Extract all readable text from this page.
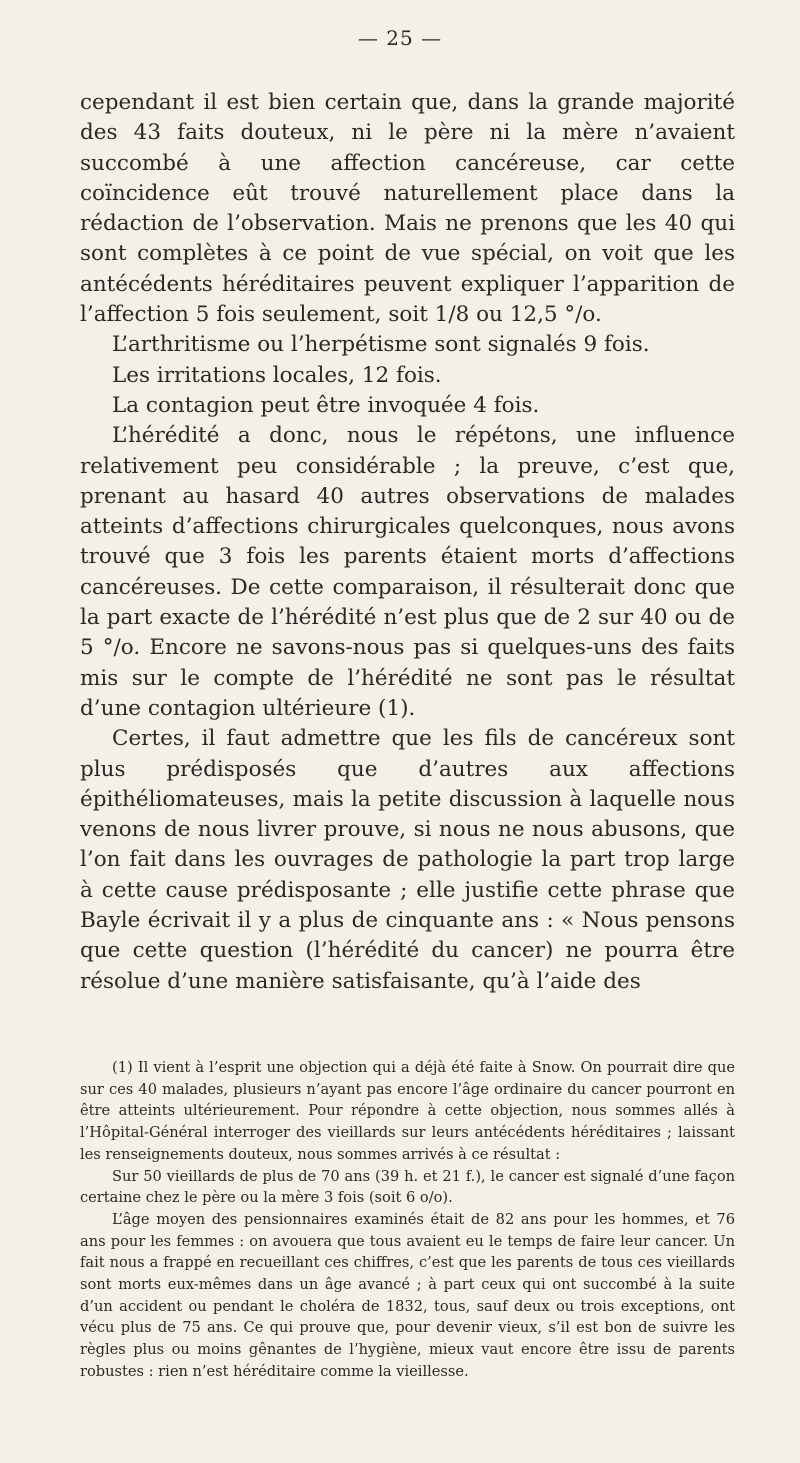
— 25 —

cependant il est bien certain que, dans la grande majorité des 43 faits douteux, ni le père ni la mère n’avaient succombé à une affection cancéreuse, car cette coïncidence eût trouvé naturellement place dans la rédaction de l’observation. Mais ne prenons que les 40 qui sont complètes à ce point de vue spécial, on voit que les antécédents héréditaires peuvent expliquer l’apparition de l’affection 5 fois seulement, soit 1/8 ou 12,5 °/o.

L’arthritisme ou l’herpétisme sont signalés 9 fois.

Les irritations locales, 12 fois.

La contagion peut être invoquée 4 fois.

L’hérédité a donc, nous le répétons, une influence relativement peu considérable ; la preuve, c’est que, prenant au hasard 40 autres observations de malades atteints d’affections chirurgicales quelconques, nous avons trouvé que 3 fois les parents étaient morts d’affections cancéreuses. De cette comparaison, il résulterait donc que la part exacte de l’hérédité n’est plus que de 2 sur 40 ou de 5 °/o. Encore ne savons-nous pas si quelques-uns des faits mis sur le compte de l’hérédité ne sont pas le résultat d’une contagion ultérieure (1).

Certes, il faut admettre que les fils de cancéreux sont plus prédisposés que d’autres aux affections épithéliomateuses, mais la petite discussion à laquelle nous venons de nous livrer prouve, si nous ne nous abusons, que l’on fait dans les ouvrages de pathologie la part trop large à cette cause prédisposante ; elle justifie cette phrase que Bayle écrivait il y a plus de cinquante ans : « Nous pensons que cette question (l’hérédité du cancer) ne pourra être résolue d’une manière satisfaisante, qu’à l’aide des

(1) Il vient à l’esprit une objection qui a déjà été faite à Snow. On pourrait dire que sur ces 40 malades, plusieurs n’ayant pas encore l’âge ordinaire du cancer pourront en être atteints ultérieurement. Pour répondre à cette objection, nous sommes allés à l’Hôpital-Général interroger des vieillards sur leurs antécédents héréditaires ; laissant les renseignements douteux, nous sommes arrivés à ce résultat :

Sur 50 vieillards de plus de 70 ans (39 h. et 21 f.), le cancer est signalé d’une façon certaine chez le père ou la mère 3 fois (soit 6 o/o).

L’âge moyen des pensionnaires examinés était de 82 ans pour les hommes, et 76 ans pour les femmes : on avouera que tous avaient eu le temps de faire leur cancer. Un fait nous a frappé en recueillant ces chiffres, c’est que les parents de tous ces vieillards sont morts eux-mêmes dans un âge avancé ; à part ceux qui ont succombé à la suite d’un accident ou pendant le choléra de 1832, tous, sauf deux ou trois exceptions, ont vécu plus de 75 ans. Ce qui prouve que, pour devenir vieux, s’il est bon de suivre les règles plus ou moins gênantes de l’hygiène, mieux vaut encore être issu de parents robustes : rien n’est héréditaire comme la vieillesse.
